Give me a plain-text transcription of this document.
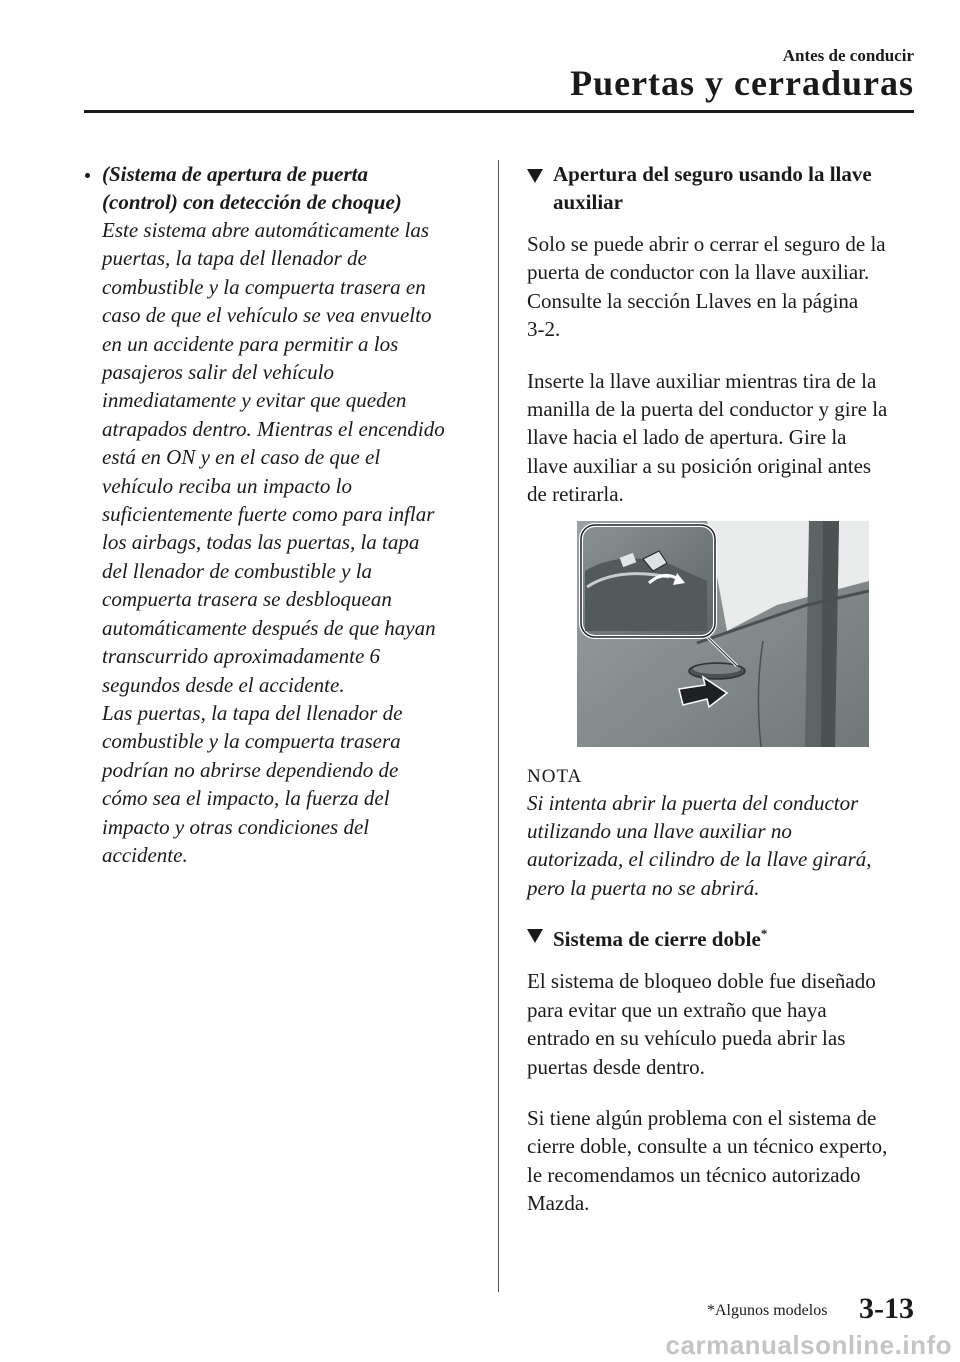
Antes de conducir
Puertas y cerraduras
(Sistema de apertura de puerta
(control) con detección de choque)
Este sistema abre automáticamente las
puertas, la tapa del llenador de
combustible y la compuerta trasera en
caso de que el vehículo se vea envuelto
en un accidente para permitir a los
pasajeros salir del vehículo
inmediatamente y evitar que queden
atrapados dentro. Mientras el encendido
está en ON y en el caso de que el
vehículo reciba un impacto lo
suficientemente fuerte como para inflar
los airbags, todas las puertas, la tapa
del llenador de combustible y la
compuerta trasera se desbloquean
automáticamente después de que hayan
transcurrido aproximadamente 6
segundos desde el accidente.
Las puertas, la tapa del llenador de
combustible y la compuerta trasera
podrían no abrirse dependiendo de
cómo sea el impacto, la fuerza del
impacto y otras condiciones del
accidente.
Apertura del seguro usando la llave
auxiliar
Solo se puede abrir o cerrar el seguro de la
puerta de conductor con la llave auxiliar.
Consulte la sección Llaves en la página
3-2.
Inserte la llave auxiliar mientras tira de la
manilla de la puerta del conductor y gire la
llave hacia el lado de apertura. Gire la
llave auxiliar a su posición original antes
de retirarla.
NOTA
Si intenta abrir la puerta del conductor
utilizando una llave auxiliar no
autorizada, el cilindro de la llave girará,
pero la puerta no se abrirá.
Sistema de cierre doble*
El sistema de bloqueo doble fue diseñado
para evitar que un extraño que haya
entrado en su vehículo pueda abrir las
puertas desde dentro.
Si tiene algún problema con el sistema de
cierre doble, consulte a un técnico experto,
le recomendamos un técnico autorizado
Mazda.
*Algunos modelos 3-13
carmanualsonline.info
